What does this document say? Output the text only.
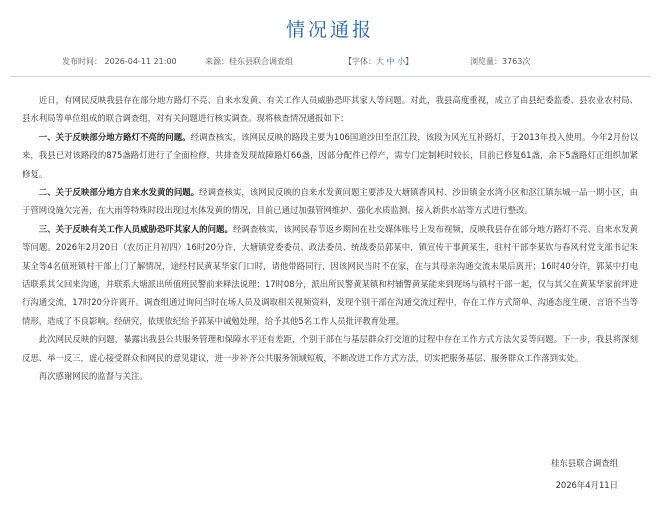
情况通报
发布时间： 2026-04-11 21:00	来源：桂东县联合调查组	【字体：大 中 小】	浏览量：3763次

近日，有网民反映我县存在部分地方路灯不亮、自来水发黄、有关工作人员威胁恐吓其家人等问题。对此，我县高度重视，成立了由县纪委监委、县农业农村局、县水利局等单位组成的联合调查组，对有关问题进行核实调查。现将核查情况通报如下：

一、关于反映部分地方路灯不亮的问题。经调查核实，该网民反映的路段主要为106国道沙田至沤江段，该段为风光互补路灯，于2013年投入使用。今年2月份以来，我县已对该路段的875盏路灯进行了全面检修，共排查发现故障路灯66盏，因部分配件已停产，需专门定制耗时较长，目前已修复61盏，余下5盏路灯正组织加紧修复。

二、关于反映部分地方自来水发黄的问题。经调查核实，该网民反映的自来水发黄问题主要涉及大塘镇香风村、沙田镇金水湾小区和沤江镇东城一品一期小区，由于管网设施欠完善，在大雨等特殊时段出现过水体发黄的情况，目前已通过加强管网维护、强化水质监测、接入新供水站等方式进行整改。

三、关于反映有关工作人员威胁恐吓其家人的问题。经调查核实，该网民春节返乡期间在社交媒体账号上发布视频，反映我县存在部分地方路灯不亮、自来水发黄等问题。2026年2月20日（农历正月初四）16时20分许，大塘镇党委委员、政法委员、统战委员郭某中，镇宣传干事黄某生，驻村干部李某钦与春风村党支部书记朱某全等4名值班镇村干部上门了解情况，途经村民黄某华家门口时，请他带路同行，因该网民当时不在家，在与其母亲沟通交流未果后离开；16时40分许，郭某中打电话联系其父回来沟通，并联系大塘派出所值班民警前来释法说理；17时08分，派出所民警黄某镇和村辅警黄某能来到现场与镇村干部一起，仅与其父在黄某华家前坪进行沟通交流，17时20分许离开。调查组通过询问当时在场人员及调取相关视频资料，发现个别干部在沟通交流过程中，存在工作方式简单、沟通态度生硬、言语不当等情形，造成了不良影响。经研究，依规依纪给予郭某中诫勉处理，给予其他5名工作人员批评教育处理。

此次网民反映的问题，暴露出我县公共服务管理和保障水平还有差距，个别干部在与基层群众打交道的过程中存在工作方式方法欠妥等问题。下一步，我县将深刻反思、举一反三，虚心接受群众和网民的意见建议，进一步补齐公共服务领域短板，不断改进工作方式方法，切实把服务基层、服务群众工作落到实处。

再次感谢网民的监督与关注。

桂东县联合调查组
2026年4月11日
